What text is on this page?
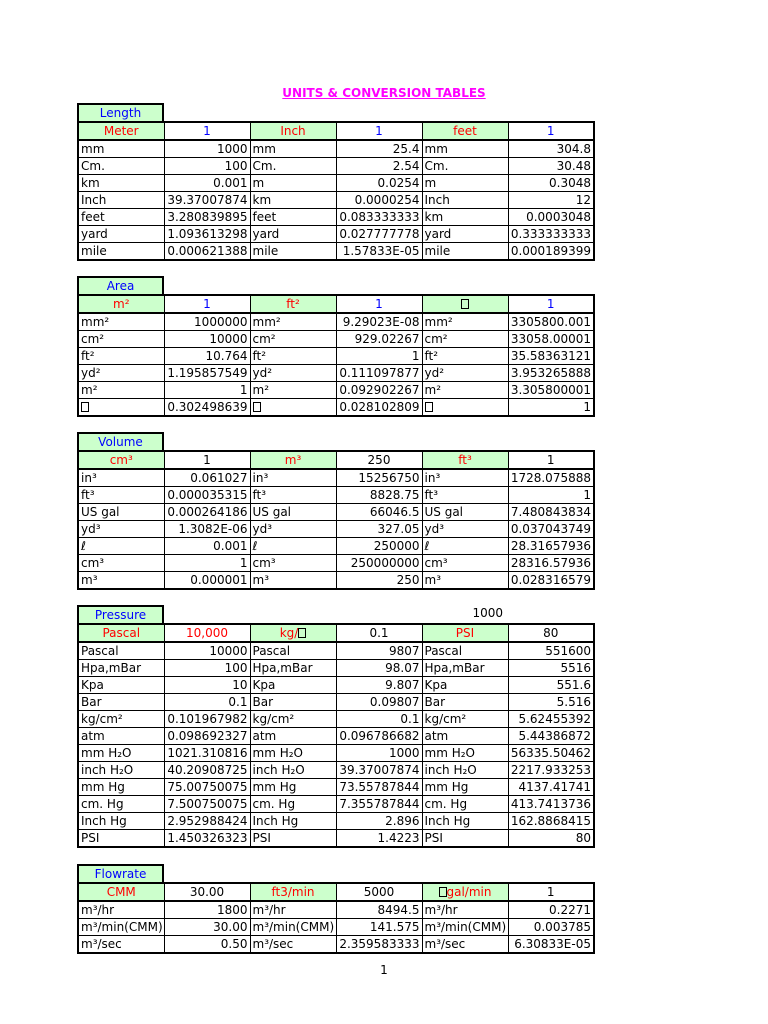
UNITS & CONVERSION TABLES
Length
Meter	1	Inch	1	feet	1
mm	1000	mm	25.4	mm	304.8
Cm.	100	Cm.	2.54	Cm.	30.48
km	0.001	m	0.0254	m	0.3048
Inch	39.37007874	km	0.0000254	Inch	12
feet	3.280839895	feet	0.083333333	km	0.0003048
yard	1.093613298	yard	0.027777778	yard	0.333333333
mile	0.000621388	mile	1.57833E-05	mile	0.000189399
Area
m²	1	ft²	1		1
mm²	1000000	mm²	9.29023E-08	mm²	3305800.001
cm²	10000	cm²	929.02267	cm²	33058.00001
ft²	10.764	ft²	1	ft²	35.58363121
yd²	1.195857549	yd²	0.111097877	yd²	3.953265888
m²	1	m²	0.092902267	m²	3.305800001
	0.302498639		0.028102809		1
Volume
cm³	1	m³	250	ft³	1
in³	0.061027	in³	15256750	in³	1728.075888
ft³	0.000035315	ft³	8828.75	ft³	1
US gal	0.000264186	US gal	66046.5	US gal	7.480843834
yd³	1.3082E-06	yd³	327.05	yd³	0.037043749
ℓ	0.001	ℓ	250000	ℓ	28.31657936
cm³	1	cm³	250000000	cm³	28316.57936
m³	0.000001	m³	250	m³	0.028316579
Pressure	1000
Pascal	10,000	kg/	0.1	PSI	80
Pascal	10000	Pascal	9807	Pascal	551600
Hpa,mBar	100	Hpa,mBar	98.07	Hpa,mBar	5516
Kpa	10	Kpa	9.807	Kpa	551.6
Bar	0.1	Bar	0.09807	Bar	5.516
kg/cm²	0.101967982	kg/cm²	0.1	kg/cm²	5.62455392
atm	0.098692327	atm	0.096786682	atm	5.44386872
mm H₂O	1021.310816	mm H₂O	1000	mm H₂O	56335.50462
inch H₂O	40.20908725	inch H₂O	39.37007874	inch H₂O	2217.933253
mm Hg	75.00750075	mm Hg	73.55787844	mm Hg	4137.41741
cm. Hg	7.500750075	cm. Hg	7.355787844	cm. Hg	413.7413736
Inch Hg	2.952988424	Inch Hg	2.896	Inch Hg	162.8868415
PSI	1.450326323	PSI	1.4223	PSI	80
Flowrate
CMM	30.00	ft3/min	5000	gal/min	1
m³/hr	1800	m³/hr	8494.5	m³/hr	0.2271
m³/min(CMM)	30.00	m³/min(CMM)	141.575	m³/min(CMM)	0.003785
m³/sec	0.50	m³/sec	2.359583333	m³/sec	6.30833E-05
1
